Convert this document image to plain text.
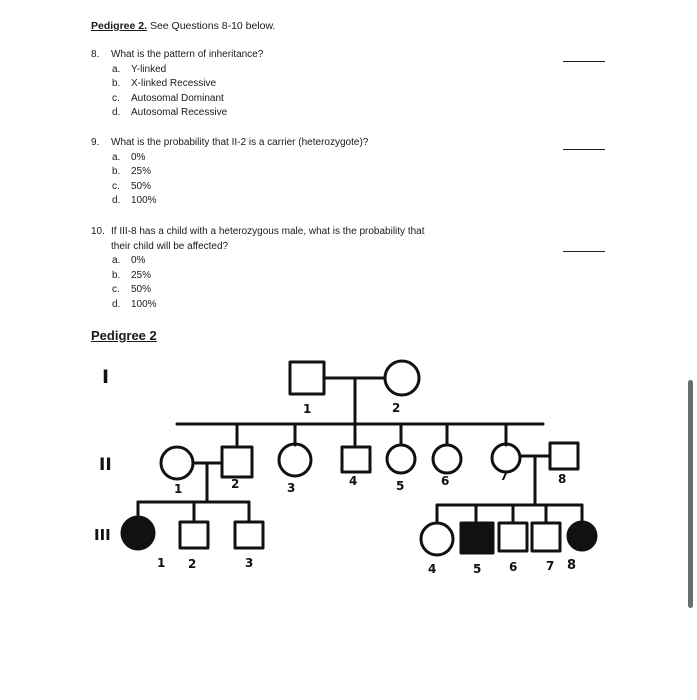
Pedigree 2. See Questions 8-10 below.
8. What is the pattern of inheritance?
a. Y-linked
b. X-linked Recessive
c. Autosomal Dominant
d. Autosomal Recessive
9. What is the probability that II-2 is a carrier (heterozygote)?
a. 0%
b. 25%
c. 50%
d. 100%
10. If III-8 has a child with a heterozygous male, what is the probability that
their child will be affected?
a. 0%
b. 25%
c. 50%
d. 100%
Pedigree 2
I
II
III
1	2
1	2	3	4	5	6	7	8
1 2	3	4	5 6 7 8
